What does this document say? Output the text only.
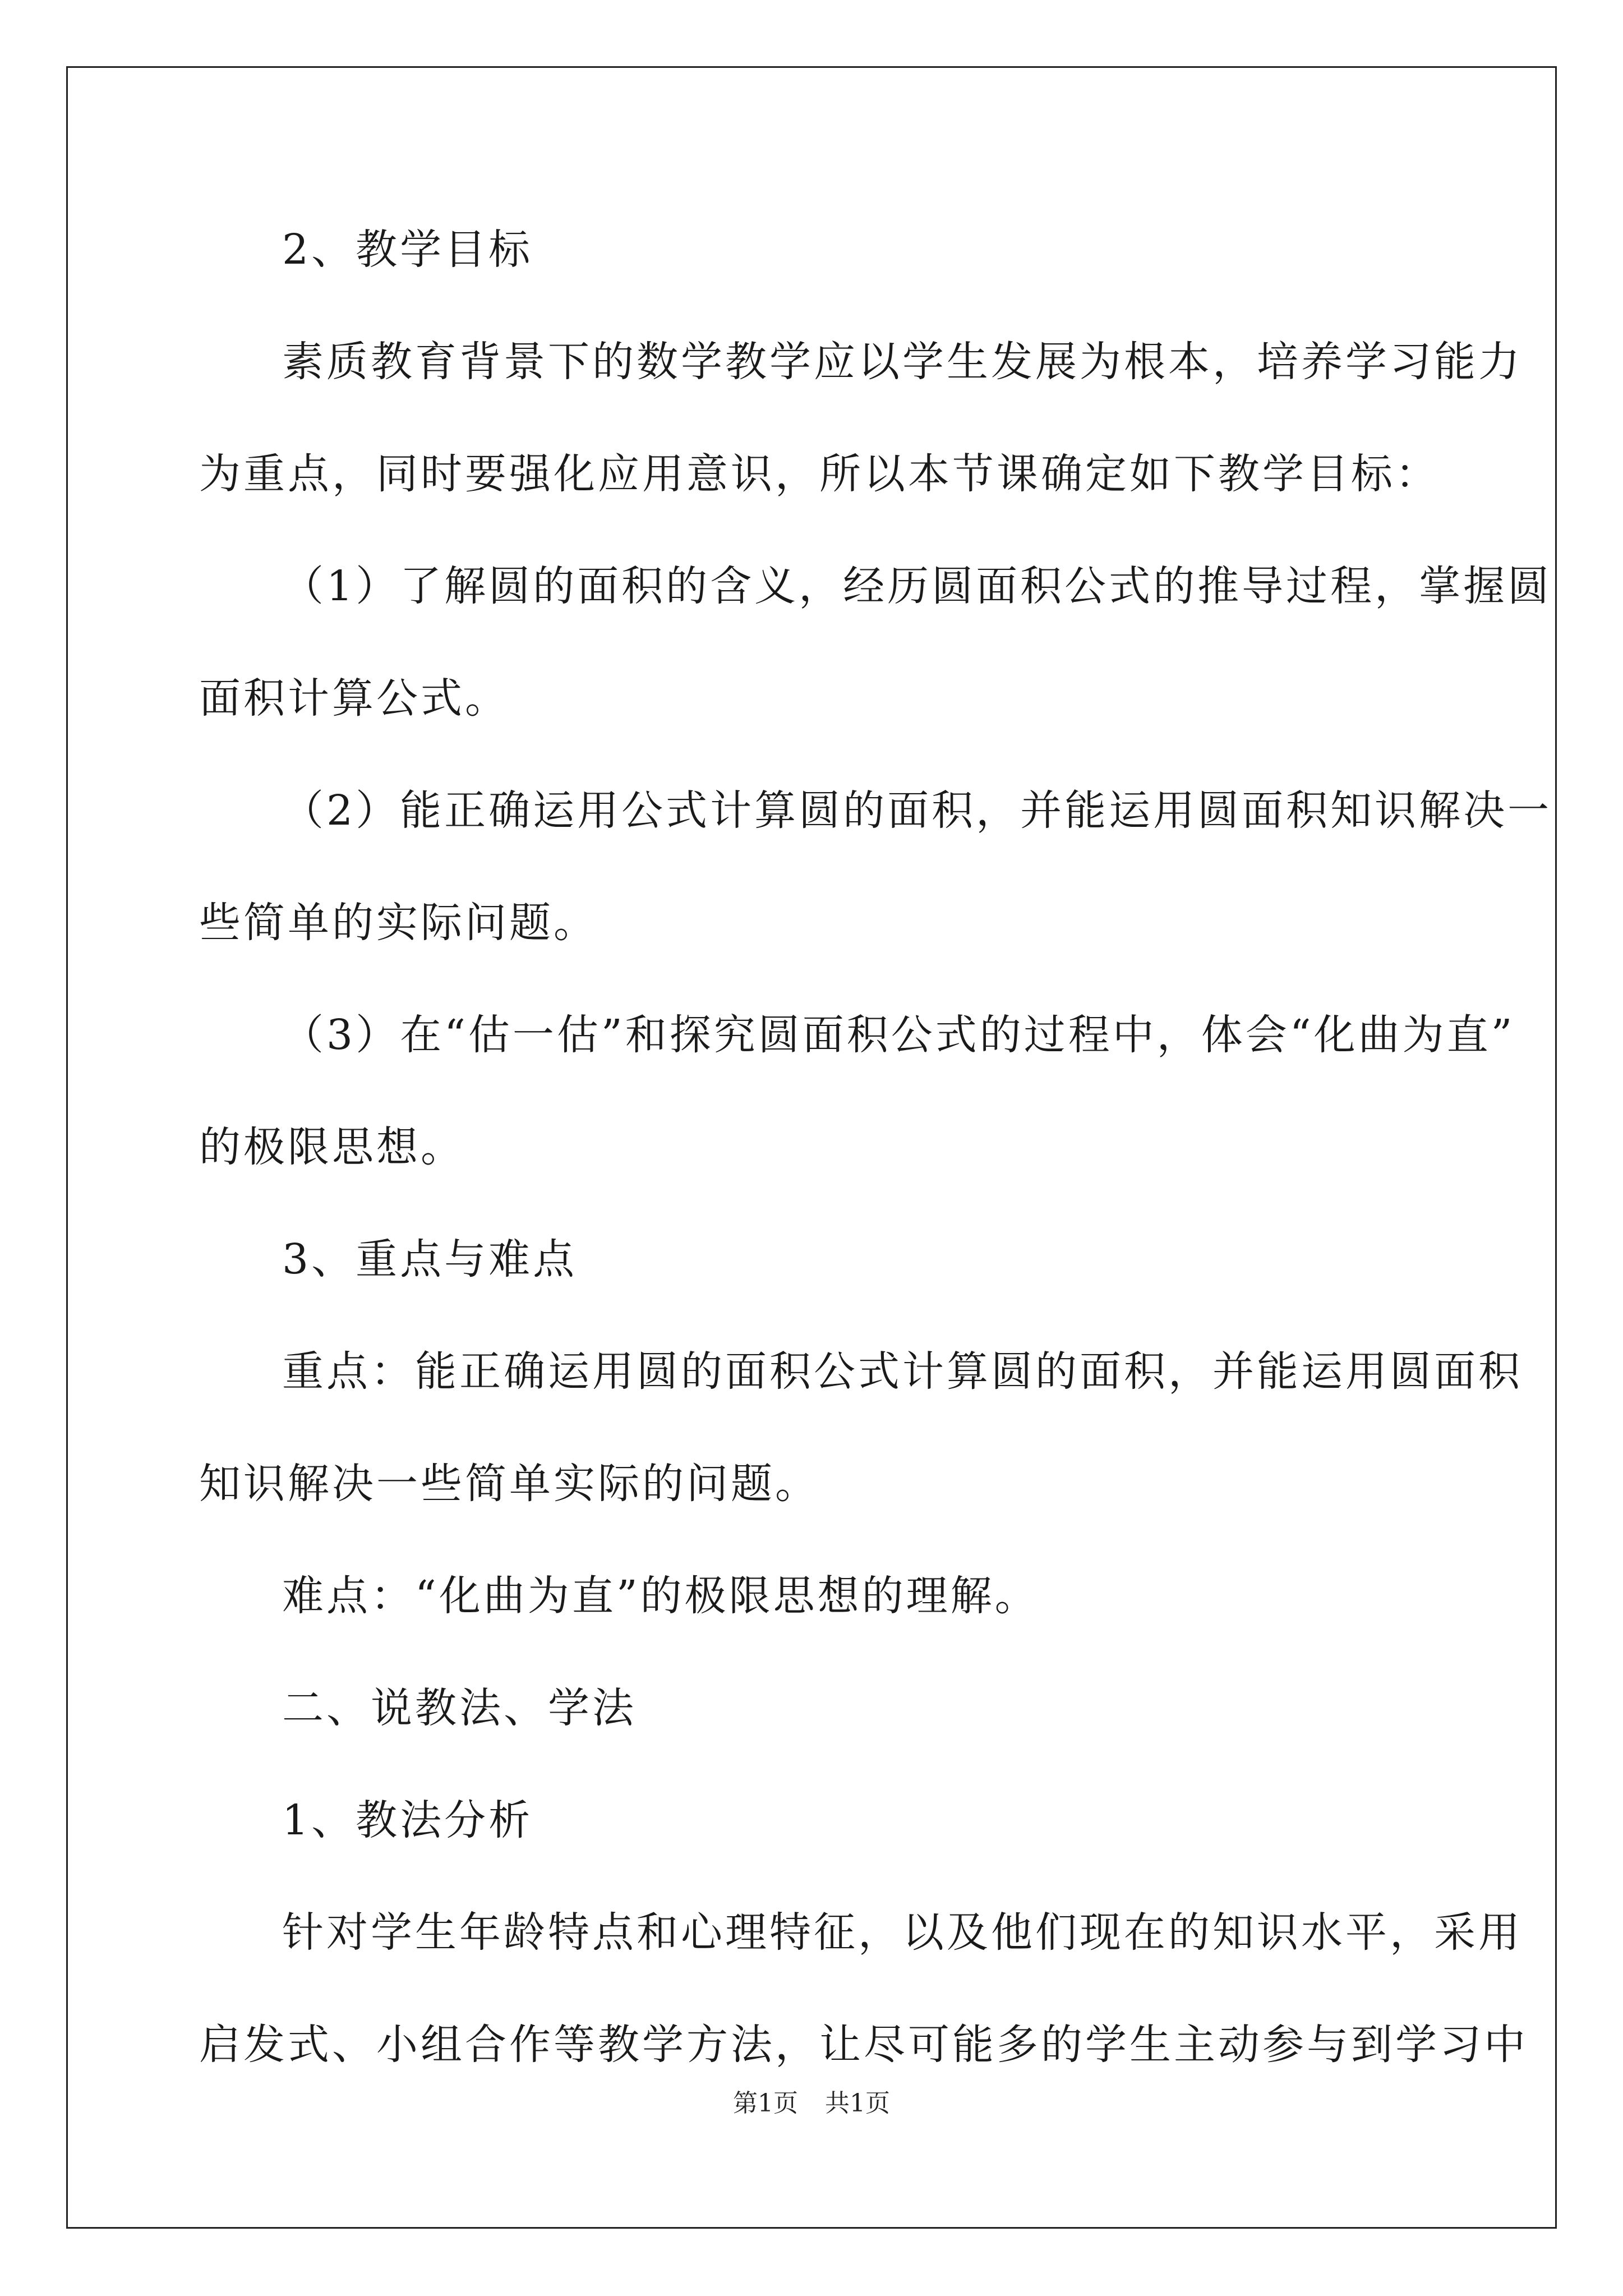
2、教学目标
素质教育背景下的数学教学应以学生发展为根本，培养学习能力
为重点，同时要强化应用意识，所以本节课确定如下教学目标：
（1）了解圆的面积的含义，经历圆面积公式的推导过程，掌握圆
面积计算公式。
（2）能正确运用公式计算圆的面积，并能运用圆面积知识解决一
些简单的实际问题。
（3）在“估一估”和探究圆面积公式的过程中，体会“化曲为直”
的极限思想。
3、重点与难点
重点：能正确运用圆的面积公式计算圆的面积，并能运用圆面积
知识解决一些简单实际的问题。
难点：“化曲为直”的极限思想的理解。
二、说教法、学法
1、教法分析
针对学生年龄特点和心理特征，以及他们现在的知识水平，采用
启发式、小组合作等教学方法，让尽可能多的学生主动参与到学习中
第1页 共1页
